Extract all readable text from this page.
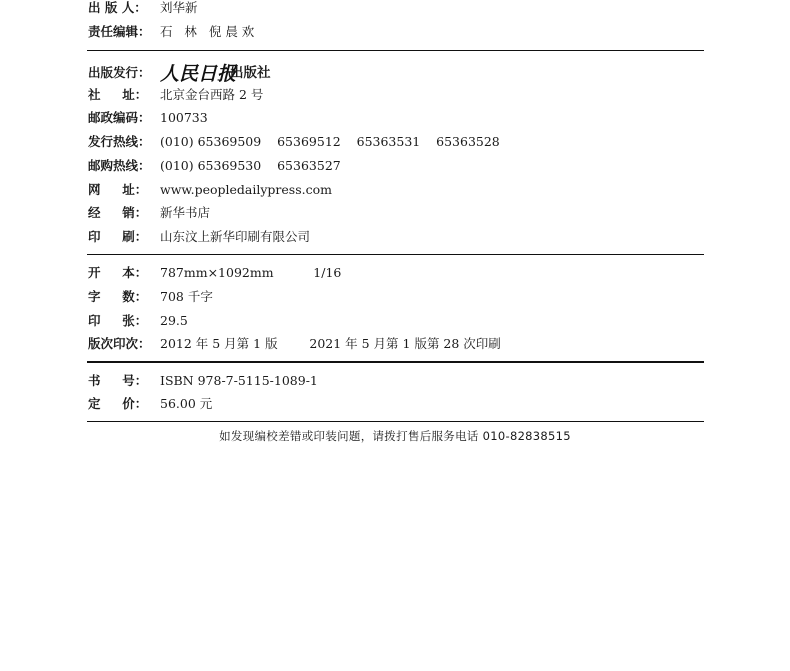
出 版 人：	刘华新
责任编辑： 石   林   倪 晨 欢
出版发行： 人民日报
出版社
社     址：	北京金台西路 2 号
邮政编码： 100733
发行热线： (010) 65369509    65369512    65363531    65363528
邮购热线： (010) 65369530    65363527
网     址：	www.peopledailypress.com
经     销：	新华书店
印     刷：	山东汶上新华印刷有限公司
开     本：	787mm×1092mm          1/16
字     数：	708 千字
印     张：	29.5
版次印次： 2012 年 5 月第 1 版        2021 年 5 月第 1 版第 28 次印刷
书     号：	ISBN 978-7-5115-1089-1
定     价：	56.00 元
如发现编校差错或印装问题，请拨打售后服务电话 010-82838515
